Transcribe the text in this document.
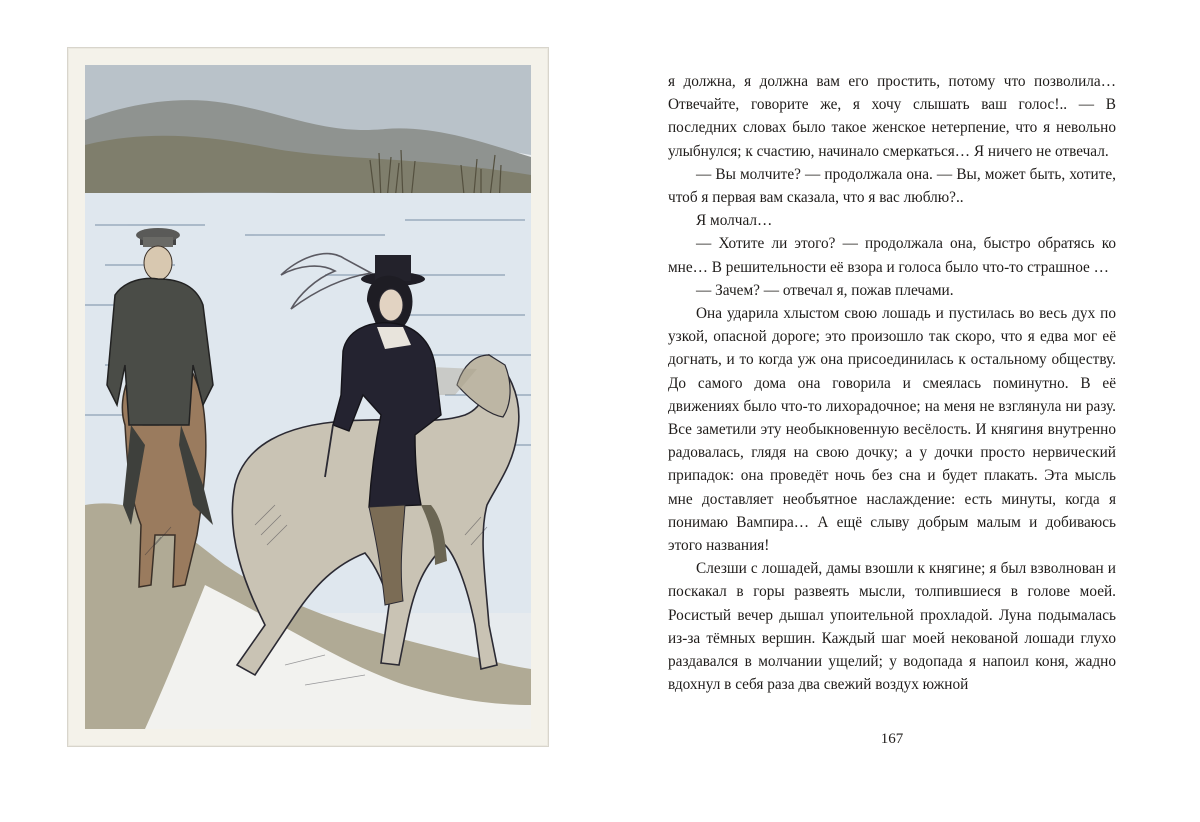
я должна, я должна вам его простить, потому что позволила… Отвечайте, говорите же, я хочу слышать ваш голос!.. — В последних словах было такое женское нетерпение, что я невольно улыбнулся; к счастию, начинало смеркаться… Я ничего не отвечал.

— Вы молчите? — продолжала она. — Вы, может быть, хотите, чтоб я первая вам сказала, что я вас люблю?..

Я молчал…

— Хотите ли этого? — продолжала она, быстро обратясь ко мне… В решительности её взора и голоса было что-то страшное …

— Зачем? — отвечал я, пожав плечами.

Она ударила хлыстом свою лошадь и пустилась во весь дух по узкой, опасной дороге; это произошло так скоро, что я едва мог её догнать, и то когда уж она присоединилась к остальному обществу. До самого дома она говорила и смеялась поминутно. В её движениях было что-то лихорадочное; на меня не взглянула ни разу. Все заметили эту необыкновенную весёлость. И княгиня внутренно радовалась, глядя на свою дочку; а у дочки просто нервический припадок: она проведёт ночь без сна и будет плакать. Эта мысль мне доставляет необъятное наслаждение: есть минуты, когда я понимаю Вампира… А ещё слыву добрым малым и добиваюсь этого названия!

Слезши с лошадей, дамы взошли к княгине; я был взволнован и поскакал в горы развеять мысли, толпившиеся в голове моей. Росистый вечер дышал упоительной прохладой. Луна подымалась из-за тёмных вершин. Каждый шаг моей некованой лошади глухо раздавался в молчании ущелий; у водопада я напоил коня, жадно вдохнул в себя раза два свежий воздух южной

167
